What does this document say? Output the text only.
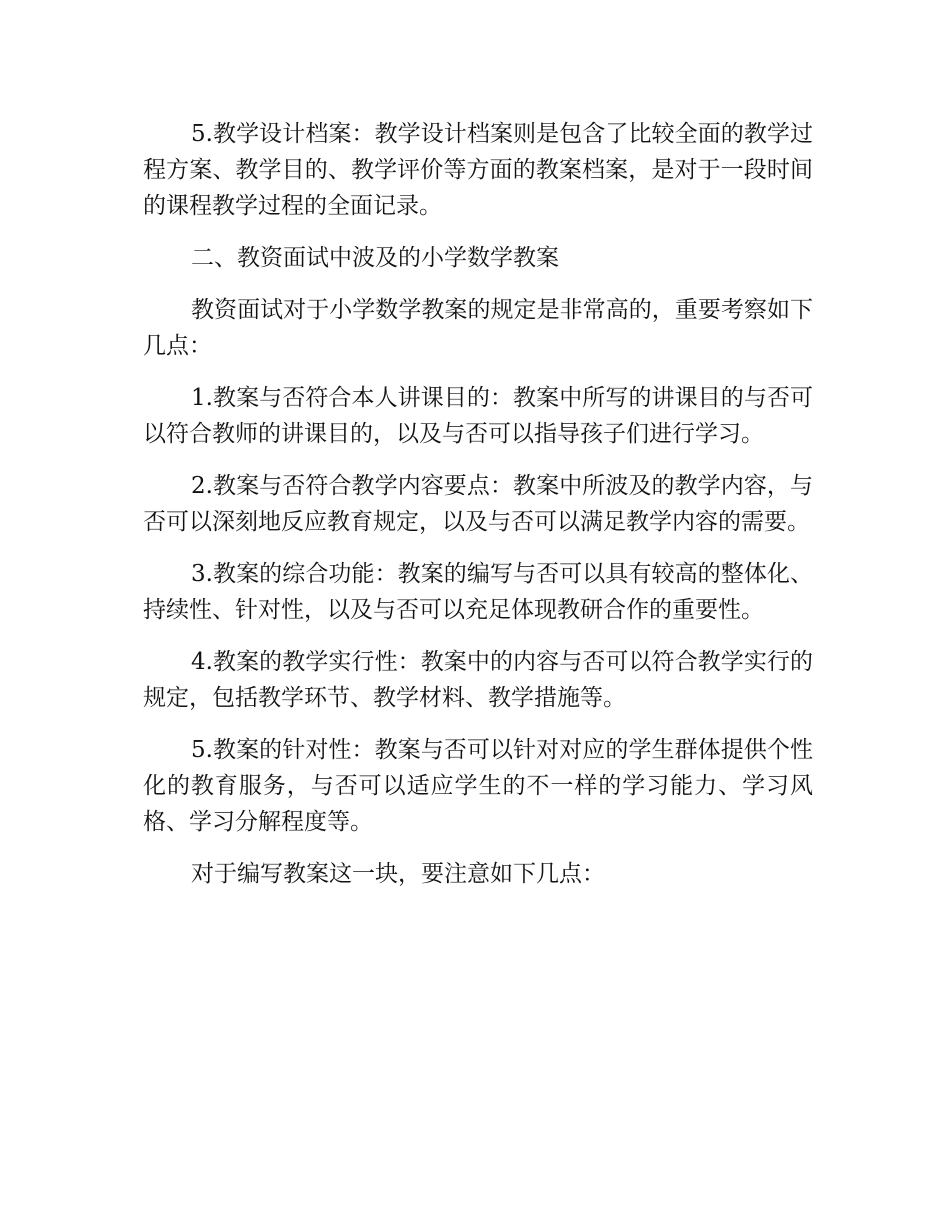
5.教学设计档案：教学设计档案则是包含了比较全面的教学过程方案、教学目的、教学评价等方面的教案档案，是对于一段时间的课程教学过程的全面记录。

二、教资面试中波及的小学数学教案

教资面试对于小学数学教案的规定是非常高的，重要考察如下几点：

1.教案与否符合本人讲课目的：教案中所写的讲课目的与否可以符合教师的讲课目的，以及与否可以指导孩子们进行学习。

2.教案与否符合教学内容要点：教案中所波及的教学内容，与否可以深刻地反应教育规定，以及与否可以满足教学内容的需要。

3.教案的综合功能：教案的编写与否可以具有较高的整体化、持续性、针对性，以及与否可以充足体现教研合作的重要性。

4.教案的教学实行性：教案中的内容与否可以符合教学实行的规定，包括教学环节、教学材料、教学措施等。

5.教案的针对性：教案与否可以针对对应的学生群体提供个性化的教育服务，与否可以适应学生的不一样的学习能力、学习风格、学习分解程度等。

对于编写教案这一块，要注意如下几点：
